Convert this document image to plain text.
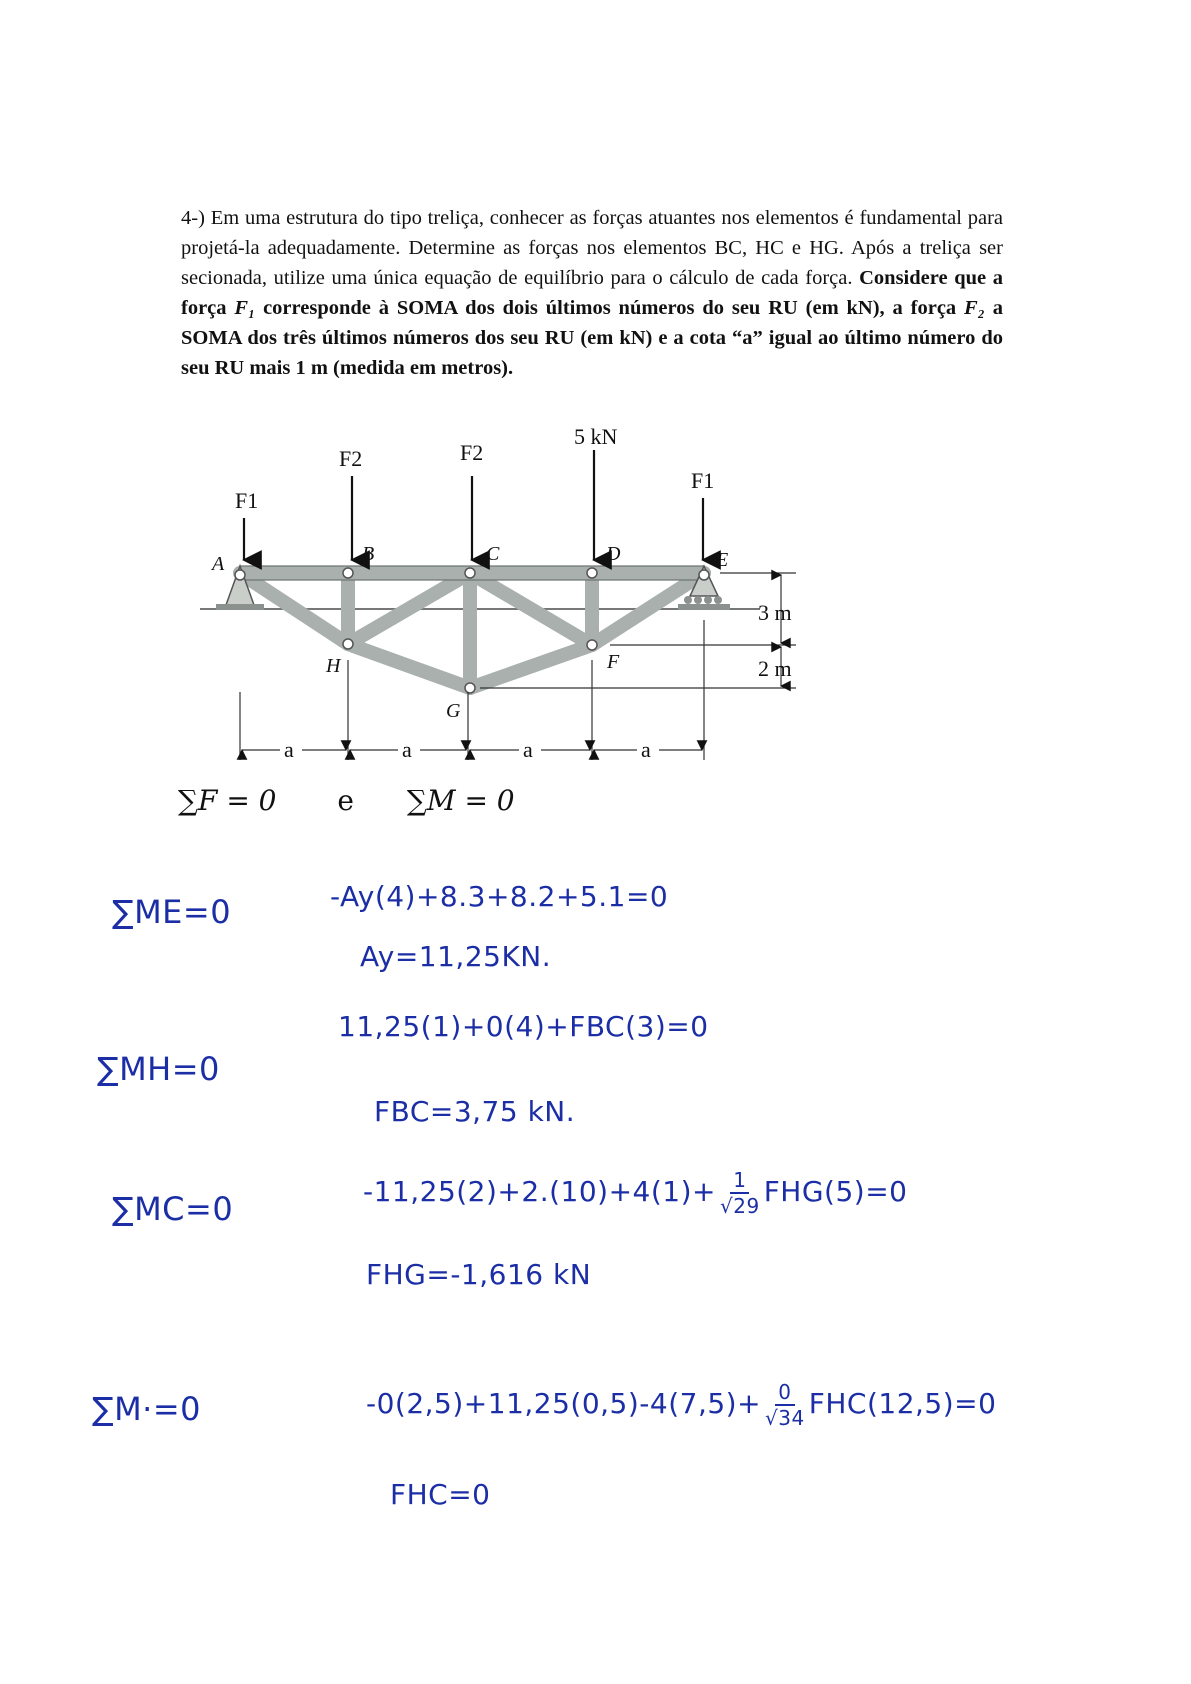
4-) Em uma estrutura do tipo treliça, conhecer as forças atuantes nos elementos é fundamental para projetá-la adequadamente. Determine as forças nos elementos BC, HC e HG. Após a treliça ser secionada, utilize uma única equação de equilíbrio para o cálculo de cada força. Considere que a força F₁ corresponde à SOMA dos dois últimos números do seu RU (em kN), a força F₂ a SOMA dos três últimos números dos seu RU (em kN) e a cota “a” igual ao último número do seu RU mais 1 m (medida em metros).
F1
F2	F2
5 kN
F1
A	B	C	D	E
F
G
H
3 m
2 m
a	a	a	a
∑F = 0 e ∑M = 0
∑ME=0	-Ay(4)+8.3+8.2+5.1=0
Ay=11,25KN.
∑MH=0
11,25(1)+0(4)+FBC(3)=0
FBC=3,75 kN.
∑MC=0	$-11,25(2)+2.(10)+4(1)+ \frac{1}{√29} FHG(5)=0$
FHG=-1,616 kN
∑M·=0	$-0(2,5)+11,25(0,5)-4(7,5)+ \frac{0}{√34} FHC(12,5)=0$
FHC=0
